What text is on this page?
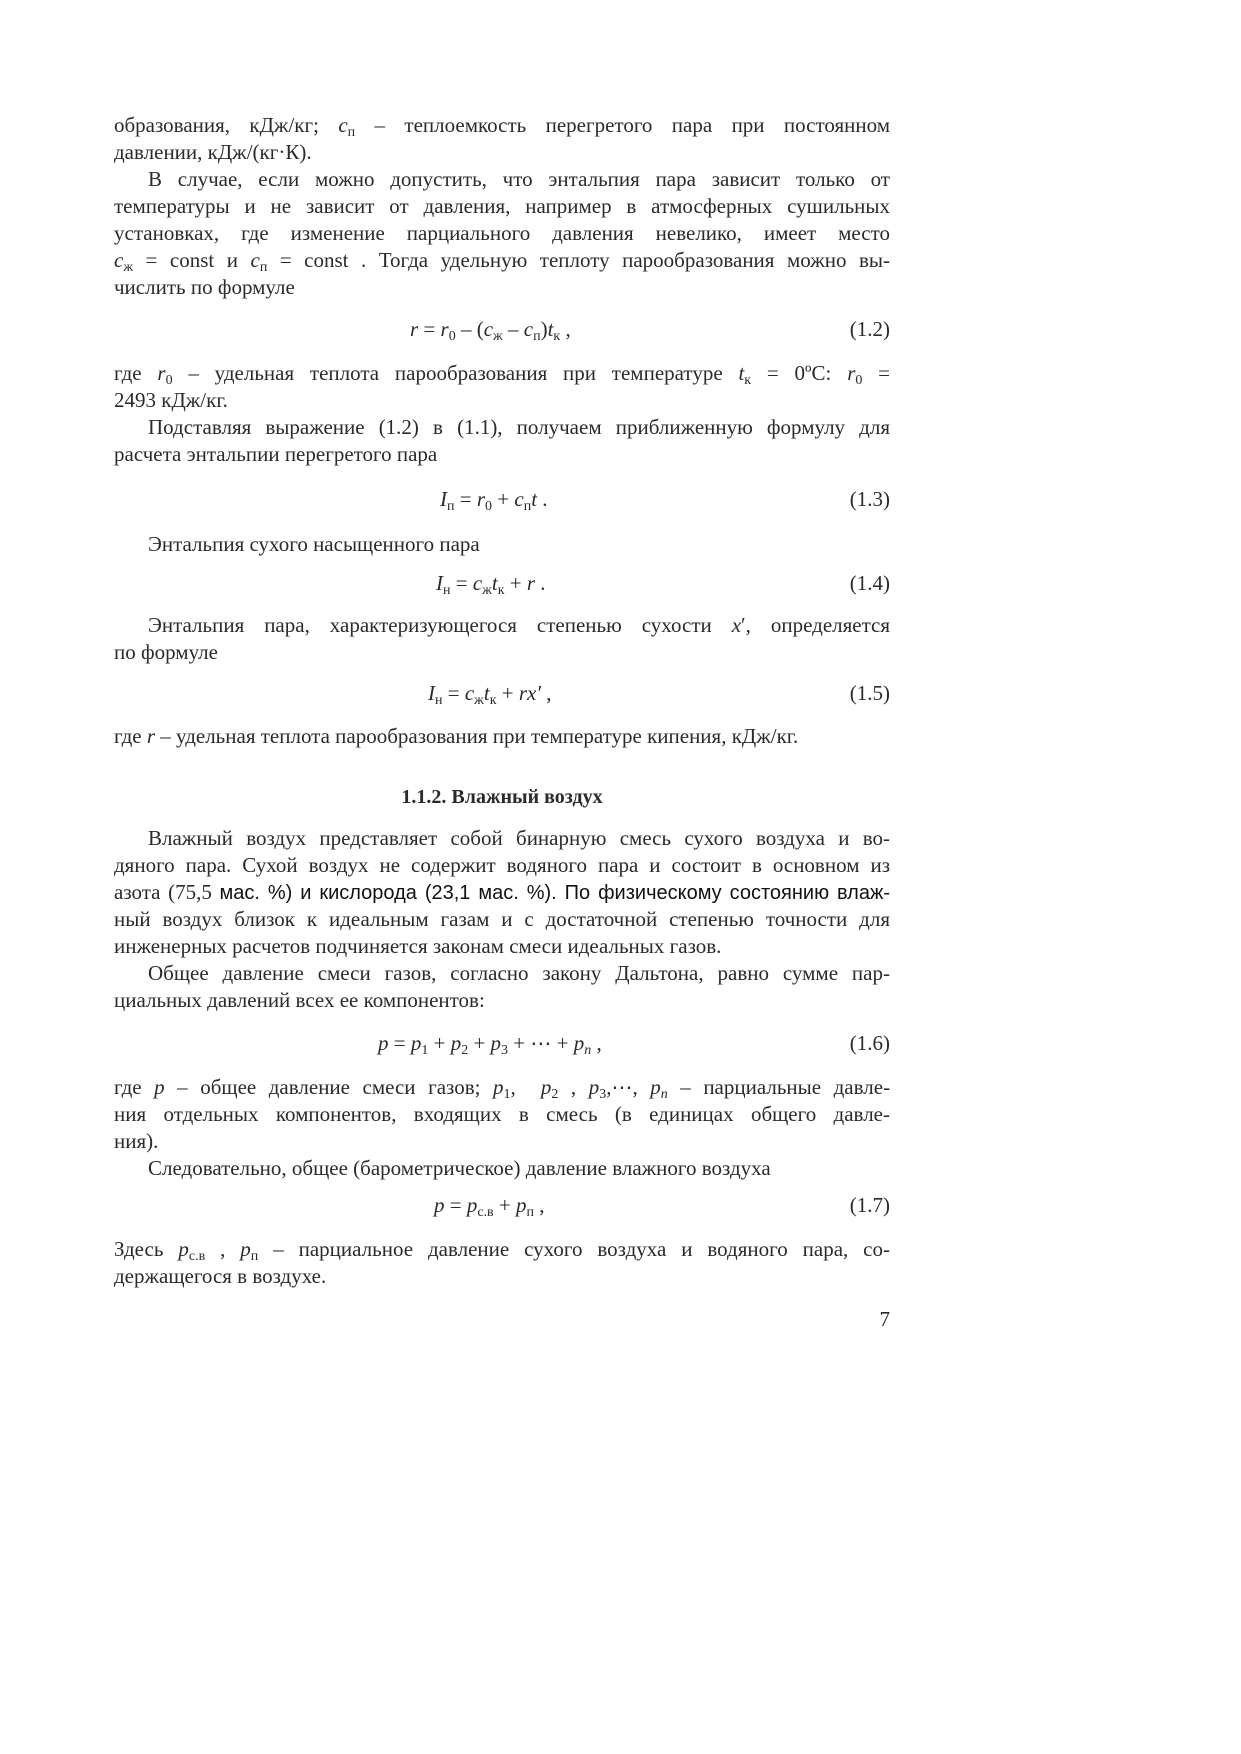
образования, кДж/кг; $c_п$ – теплоемкость перегретого пара при постоянном
давлении, кДж/(кг·К).
В случае, если можно допустить, что энтальпия пара зависит только от
температуры и не зависит от давления, например в атмосферных сушильных
установках, где изменение парциального давления невелико, имеет место
$c_ж$ = const и $c_п$ = const . Тогда удельную теплоту парообразования можно вы-
числить по формуле
$r = r_0 - (c_ж - c_п)t_к$ ,	(1.2)
где $r_0$ – удельная теплота парообразования при температуре $t_к$ = 0ºС: $r_0$ =
2493 кДж/кг.
Подставляя выражение (1.2) в (1.1), получаем приближенную формулу для
расчета энтальпии перегретого пара
$I_п = r_0 + c_пt$ .	(1.3)
Энтальпия сухого насыщенного пара
$I_н = c_жt_к + r$ .	(1.4)
Энтальпия пара, характеризующегося степенью сухости x′, определяется
по формуле
$I_н = c_жt_к + rx'$ ,	(1.5)
где r – удельная теплота парообразования при температуре кипения, кДж/кг.
1.1.2. Влажный воздух
Влажный воздух представляет собой бинарную смесь сухого воздуха и во-
дяного пара. Сухой воздух не содержит водяного пара и состоит в основном из
азота (75,5 мас. %) и кислорода (23,1 мас. %). По физическому состоянию влаж-
ный воздух близок к идеальным газам и с достаточной степенью точности для
инженерных расчетов подчиняется законам смеси идеальных газов.
Общее давление смеси газов, согласно закону Дальтона, равно сумме пар-
циальных давлений всех ее компонентов:
$p = p_1 + p_2 + p_3$ + ⋯ + $p_n$ ,	(1.6)
где p – общее давление смеси газов; $p_1$,  $p_2$ , $p_3,\cdots$, $p_n$ – парциальные давле-
ния отдельных компонентов, входящих в смесь (в единицах общего давле-
ния).
Следовательно, общее (барометрическое) давление влажного воздуха
$p = p_{с.в} + p_п$ ,	(1.7)
Здесь $p_{с.в}$ , $p_п$ – парциальное давление сухого воздуха и водяного пара, со-
держащегося в воздухе.
7
